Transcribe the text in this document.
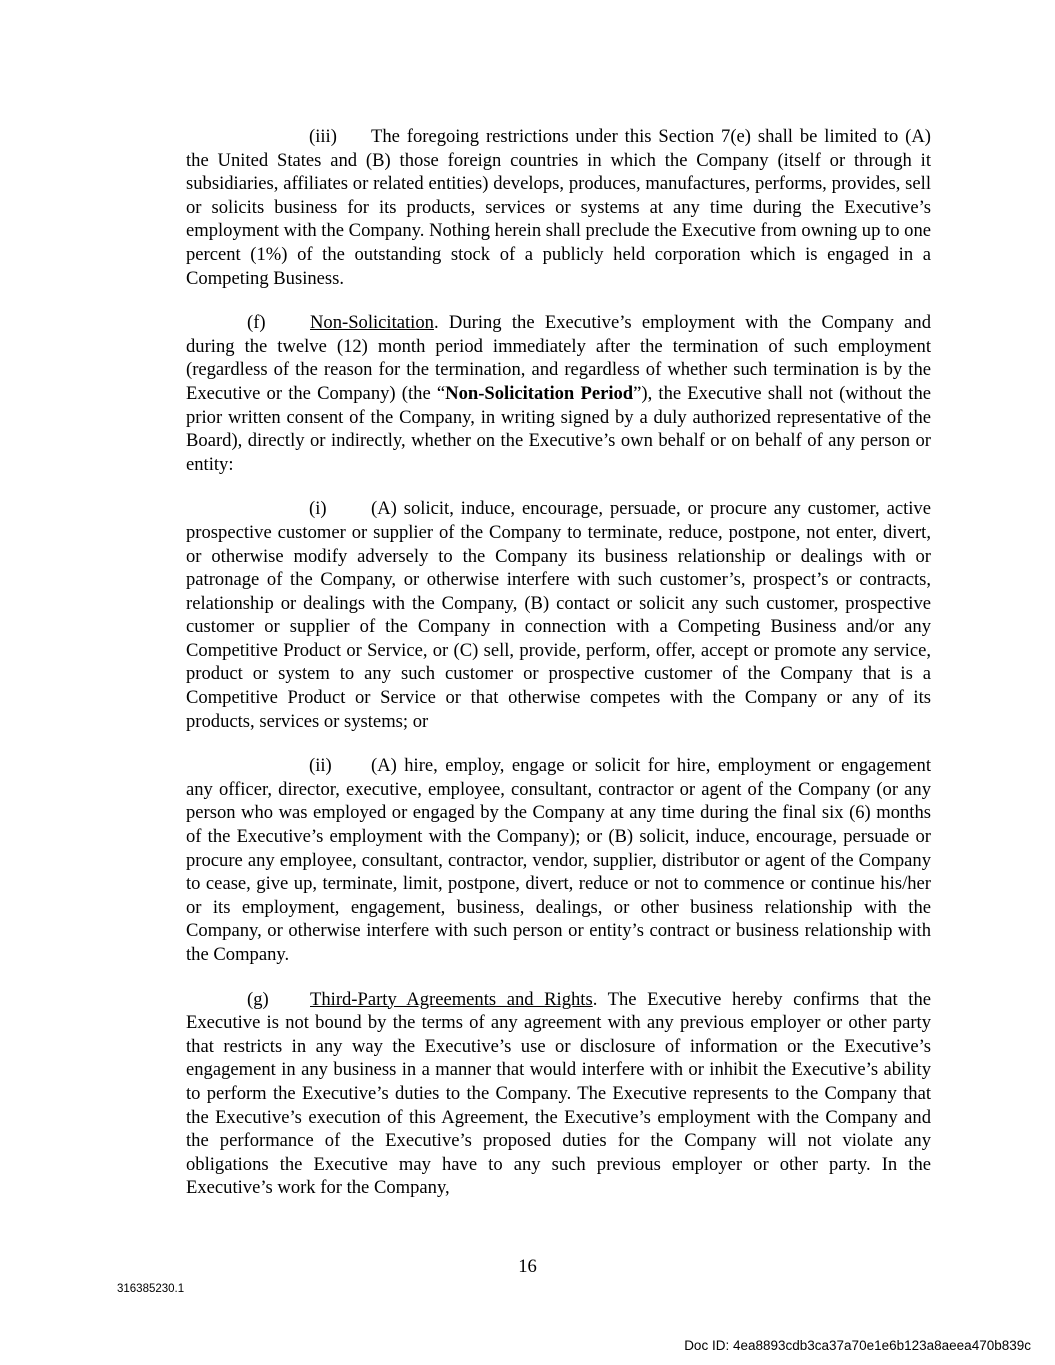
(iii) The foregoing restrictions under this Section 7(e) shall be limited to (A) the United States and (B) those foreign countries in which the Company (itself or through it subsidiaries, affiliates or related entities) develops, produces, manufactures, performs, provides, sell or solicits business for its products, services or systems at any time during the Executive’s employment with the Company. Nothing herein shall preclude the Executive from owning up to one percent (1%) of the outstanding stock of a publicly held corporation which is engaged in a Competing Business.

(f) Non-Solicitation. During the Executive’s employment with the Company and during the twelve (12) month period immediately after the termination of such employment (regardless of the reason for the termination, and regardless of whether such termination is by the Executive or the Company) (the “Non-Solicitation Period”), the Executive shall not (without the prior written consent of the Company, in writing signed by a duly authorized representative of the Board), directly or indirectly, whether on the Executive’s own behalf or on behalf of any person or entity:

(i) (A) solicit, induce, encourage, persuade, or procure any customer, active prospective customer or supplier of the Company to terminate, reduce, postpone, not enter, divert, or otherwise modify adversely to the Company its business relationship or dealings with or patronage of the Company, or otherwise interfere with such customer’s, prospect’s or contracts, relationship or dealings with the Company, (B) contact or solicit any such customer, prospective customer or supplier of the Company in connection with a Competing Business and/or any Competitive Product or Service, or (C) sell, provide, perform, offer, accept or promote any service, product or system to any such customer or prospective customer of the Company that is a Competitive Product or Service or that otherwise competes with the Company or any of its products, services or systems; or

(ii) (A) hire, employ, engage or solicit for hire, employment or engagement any officer, director, executive, employee, consultant, contractor or agent of the Company (or any person who was employed or engaged by the Company at any time during the final six (6) months of the Executive’s employment with the Company); or (B) solicit, induce, encourage, persuade or procure any employee, consultant, contractor, vendor, supplier, distributor or agent of the Company to cease, give up, terminate, limit, postpone, divert, reduce or not to commence or continue his/her or its employment, engagement, business, dealings, or other business relationship with the Company, or otherwise interfere with such person or entity’s contract or business relationship with the Company.

(g) Third-Party Agreements and Rights. The Executive hereby confirms that the Executive is not bound by the terms of any agreement with any previous employer or other party that restricts in any way the Executive’s use or disclosure of information or the Executive’s engagement in any business in a manner that would interfere with or inhibit the Executive’s ability to perform the Executive’s duties to the Company. The Executive represents to the Company that the Executive’s execution of this Agreement, the Executive’s employment with the Company and the performance of the Executive’s proposed duties for the Company will not violate any obligations the Executive may have to any such previous employer or other party. In the Executive’s work for the Company,

16
316385230.1
Doc ID: 4ea8893cdb3ca37a70e1e6b123a8aeea470b839c
